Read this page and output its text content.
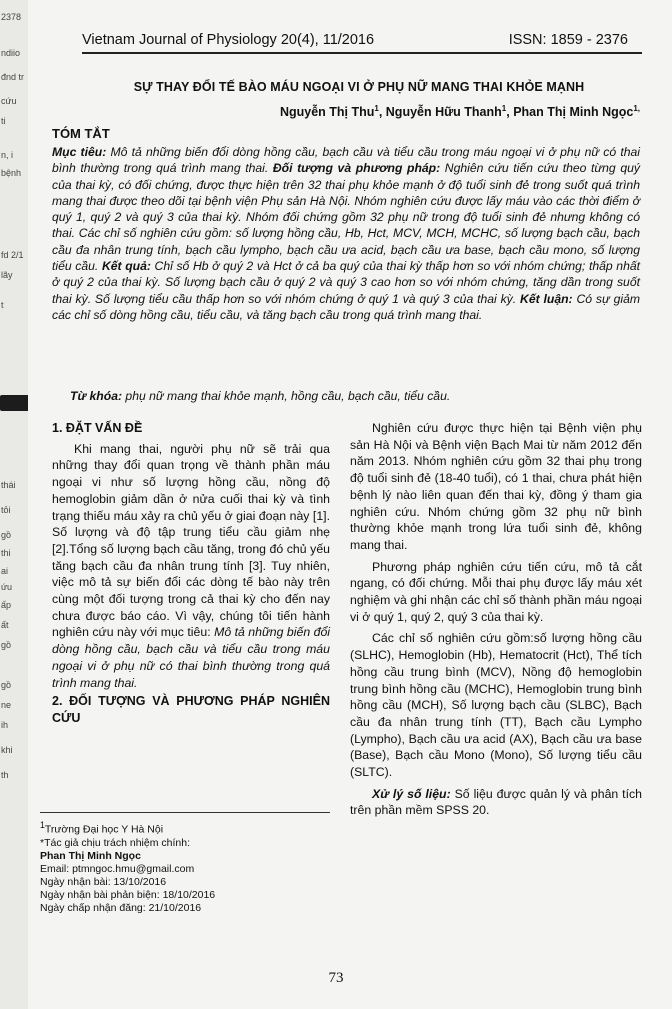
2378
ndiio
đnd tr
cứu
ti
n, i
bệnh
fd 2/1
lãy
t
thái
tỏi
gồ
thi
ai
ứu
ấp
ất
gồ
gồ
ne
ih
khi
th
Vietnam Journal of Physiology 20(4), 11/2016	ISSN: 1859 - 2376
SỰ THAY ĐỔI TẾ BÀO MÁU NGOẠI VI Ở PHỤ NỮ MANG THAI KHỎE MẠNH
Nguyễn Thị Thu$^1$, Nguyễn Hữu Thanh$^1$, Phan Thị Minh Ngọc$^{1,}$
TÓM TẮT
Mục tiêu: Mô tả những biến đổi dòng hồng cầu, bạch cầu và tiểu cầu trong máu ngoại vi ở phụ nữ có thai bình thường trong quá trình mang thai. Đối tượng và phương pháp: Nghiên cứu tiến cứu theo từng quý của thai kỳ, có đối chứng, được thực hiện trên 32 thai phụ khỏe mạnh ở độ tuổi sinh đẻ trong suốt quá trình mang thai được theo dõi tại bệnh viện Phụ sản Hà Nội. Nhóm nghiên cứu được lấy máu vào các thời điểm ở quý 1, quý 2 và quý 3 của thai kỳ. Nhóm đối chứng gồm 32 phụ nữ trong độ tuổi sinh đẻ nhưng không có thai. Các chỉ số nghiên cứu gồm: số lượng hồng cầu, Hb, Hct, MCV, MCH, MCHC, số lượng bạch cầu, bạch cầu đa nhân trung tính, bạch cầu lympho, bạch cầu ưa acid, bạch cầu ưa base, bạch cầu mono, số lượng tiểu cầu. Kết quả: Chỉ số Hb ở quý 2 và Hct ở cả ba quý của thai kỳ thấp hơn so với nhóm chứng; thấp nhất ở quý 2 của thai kỳ. Số lượng bạch cầu ở quý 2 và quý 3 cao hơn so với nhóm chứng, tăng dần trong suốt thai kỳ. Số lượng tiểu cầu thấp hơn so với nhóm chứng ở quý 1 và quý 3 của thai kỳ. Kết luận: Có sự giảm các chỉ số dòng hồng cầu, tiểu cầu, và tăng bạch cầu trong quá trình mang thai.
Từ khóa: phụ nữ mang thai khỏe mạnh, hồng cầu, bạch cầu, tiểu cầu.
1. ĐẶT VẤN ĐỀ

Khi mang thai, người phụ nữ sẽ trải qua những thay đổi quan trọng về thành phần máu ngoại vi như số lượng hồng cầu, nồng độ hemoglobin giảm dần ở nửa cuối thai kỳ và tình trạng thiếu máu xảy ra chủ yếu ở giai đoạn này [1]. Số lượng và độ tập trung tiểu cầu giảm nhẹ [2].Tổng số lượng bạch cầu tăng, trong đó chủ yếu tăng bạch cầu đa nhân trung tính [3]. Tuy nhiên, việc mô tả sự biến đổi các dòng tế bào này trên cùng một đối tượng trong cả thai kỳ cho đến nay chưa được báo cáo. Vì vậy, chúng tôi tiến hành nghiên cứu này với mục tiêu: Mô tả những biến đổi dòng hồng cầu, bạch cầu và tiểu cầu trong máu ngoại vi ở phụ nữ có thai bình thường trong quá trình mang thai.

2. ĐỐI TƯỢNG VÀ PHƯƠNG PHÁP NGHIÊN CỨU

Nghiên cứu được thực hiện tại Bệnh viện phụ sản Hà Nội và Bệnh viện Bạch Mai từ năm 2012 đến năm 2013. Nhóm nghiên cứu gồm 32 thai phụ trong độ tuổi sinh đẻ (18-40 tuổi), có 1 thai, chưa phát hiện bệnh lý nào liên quan đến thai kỳ, đồng ý tham gia nghiên cứu. Nhóm chứng gồm 32 phụ nữ bình thường khỏe mạnh trong lứa tuổi sinh đẻ, không mang thai.

Phương pháp nghiên cứu tiến cứu, mô tả cắt ngang, có đối chứng. Mỗi thai phụ được lấy máu xét nghiệm và ghi nhận các chỉ số thành phần máu ngoại vi ở quý 1, quý 2, quý 3 của thai kỳ.

Các chỉ số nghiên cứu gồm:số lượng hồng cầu (SLHC), Hemoglobin (Hb), Hematocrit (Hct), Thể tích hồng cầu trung bình (MCV), Nồng độ hemoglobin trung bình hồng cầu (MCHC), Hemoglobin trung bình hồng cầu (MCH), Số lượng bạch cầu (SLBC), Bạch cầu đa nhân trung tính (TT), Bạch cầu Lympho (Lympho), Bạch cầu ưa acid (AX), Bạch cầu ưa base (Base), Bạch cầu Mono (Mono), Số lượng tiểu cầu (SLTC).

Xử lý số liệu: Số liệu được quản lý và phân tích trên phần mềm SPSS 20.

$^1$Trường Đại học Y Hà Nội
*Tác giả chịu trách nhiệm chính:
Phan Thị Minh Ngọc
Email: ptmngoc.hmu@gmail.com
Ngày nhận bài: 13/10/2016
Ngày nhận bài phản biện: 18/10/2016
Ngày chấp nhận đăng: 21/10/2016
73
